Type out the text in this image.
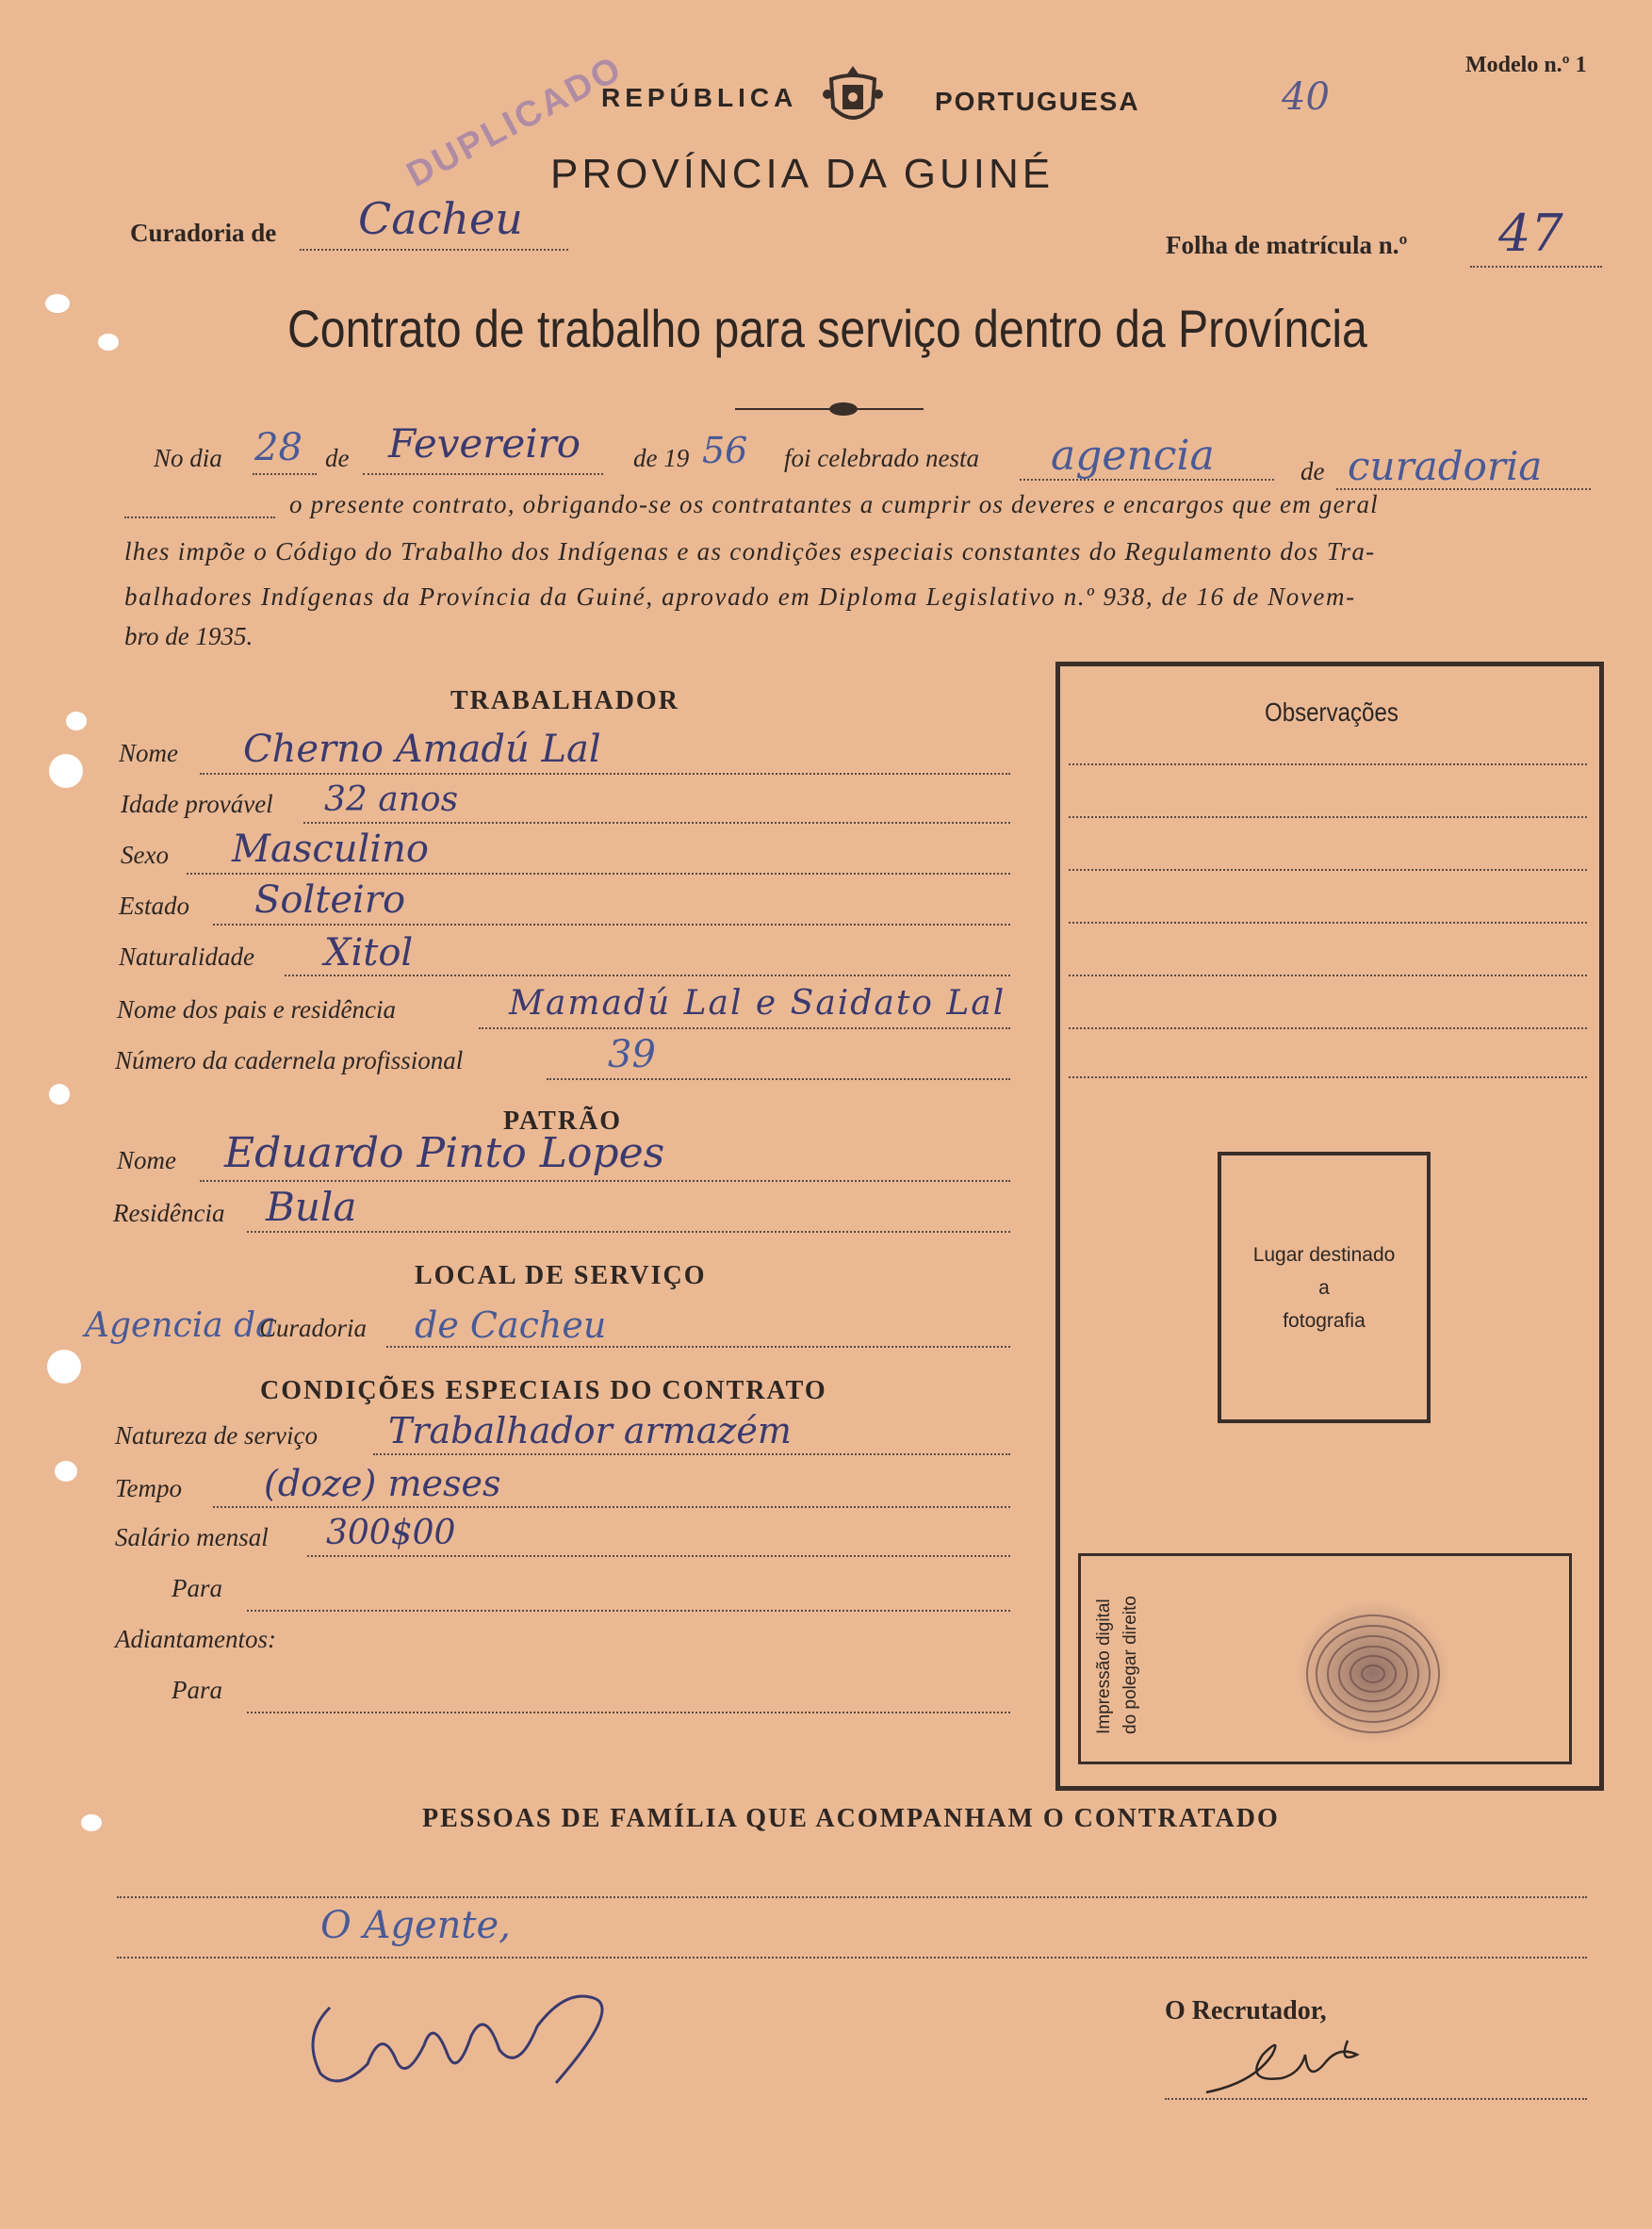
Modelo n.º 1
40
REPÚBLICA	PORTUGUESA
PROVÍNCIA DA GUINÉ
DUPLICADO
Curadoria de Cacheu
Folha de matrícula n.º 47
Contrato de trabalho para serviço dentro da Província
No dia 28 de Fevereiro de 19 56 foi celebrado nesta agencia	de curadoria
o presente contrato, obrigando-se os contratantes a cumprir os deveres e encargos que em geral
lhes impõe o Código do Trabalho dos Indígenas e as condições especiais constantes do Regulamento dos Tra-
balhadores Indígenas da Província da Guiné, aprovado em Diploma Legislativo n.º 938, de 16 de Novem-
bro de 1935.
TRABALHADOR
Nome Cherno Amadú Lal
Idade provável 32 anos
Sexo Masculino
Estado Solteiro
Naturalidade Xitol
Nome dos pais e residência	Mamadú Lal e Saidato Lal
Número da cadernela profissional	39
PATRÃO
Nome Eduardo Pinto Lopes
Residência Bula
LOCAL DE SERVIÇO
Agencia da
Curadoria de Cacheu
CONDIÇÕES ESPECIAIS DO CONTRATO
Natureza de serviço Trabalhador armazém
Tempo (doze) meses
Salário mensal 300$00
Para
Adiantamentos:
Para
Observações
Lugar destinado
a
fotografia
Impressão digital do polegar direito
PESSOAS DE FAMÍLIA QUE ACOMPANHAM O CONTRATADO
O Agente,
O Recrutador,
